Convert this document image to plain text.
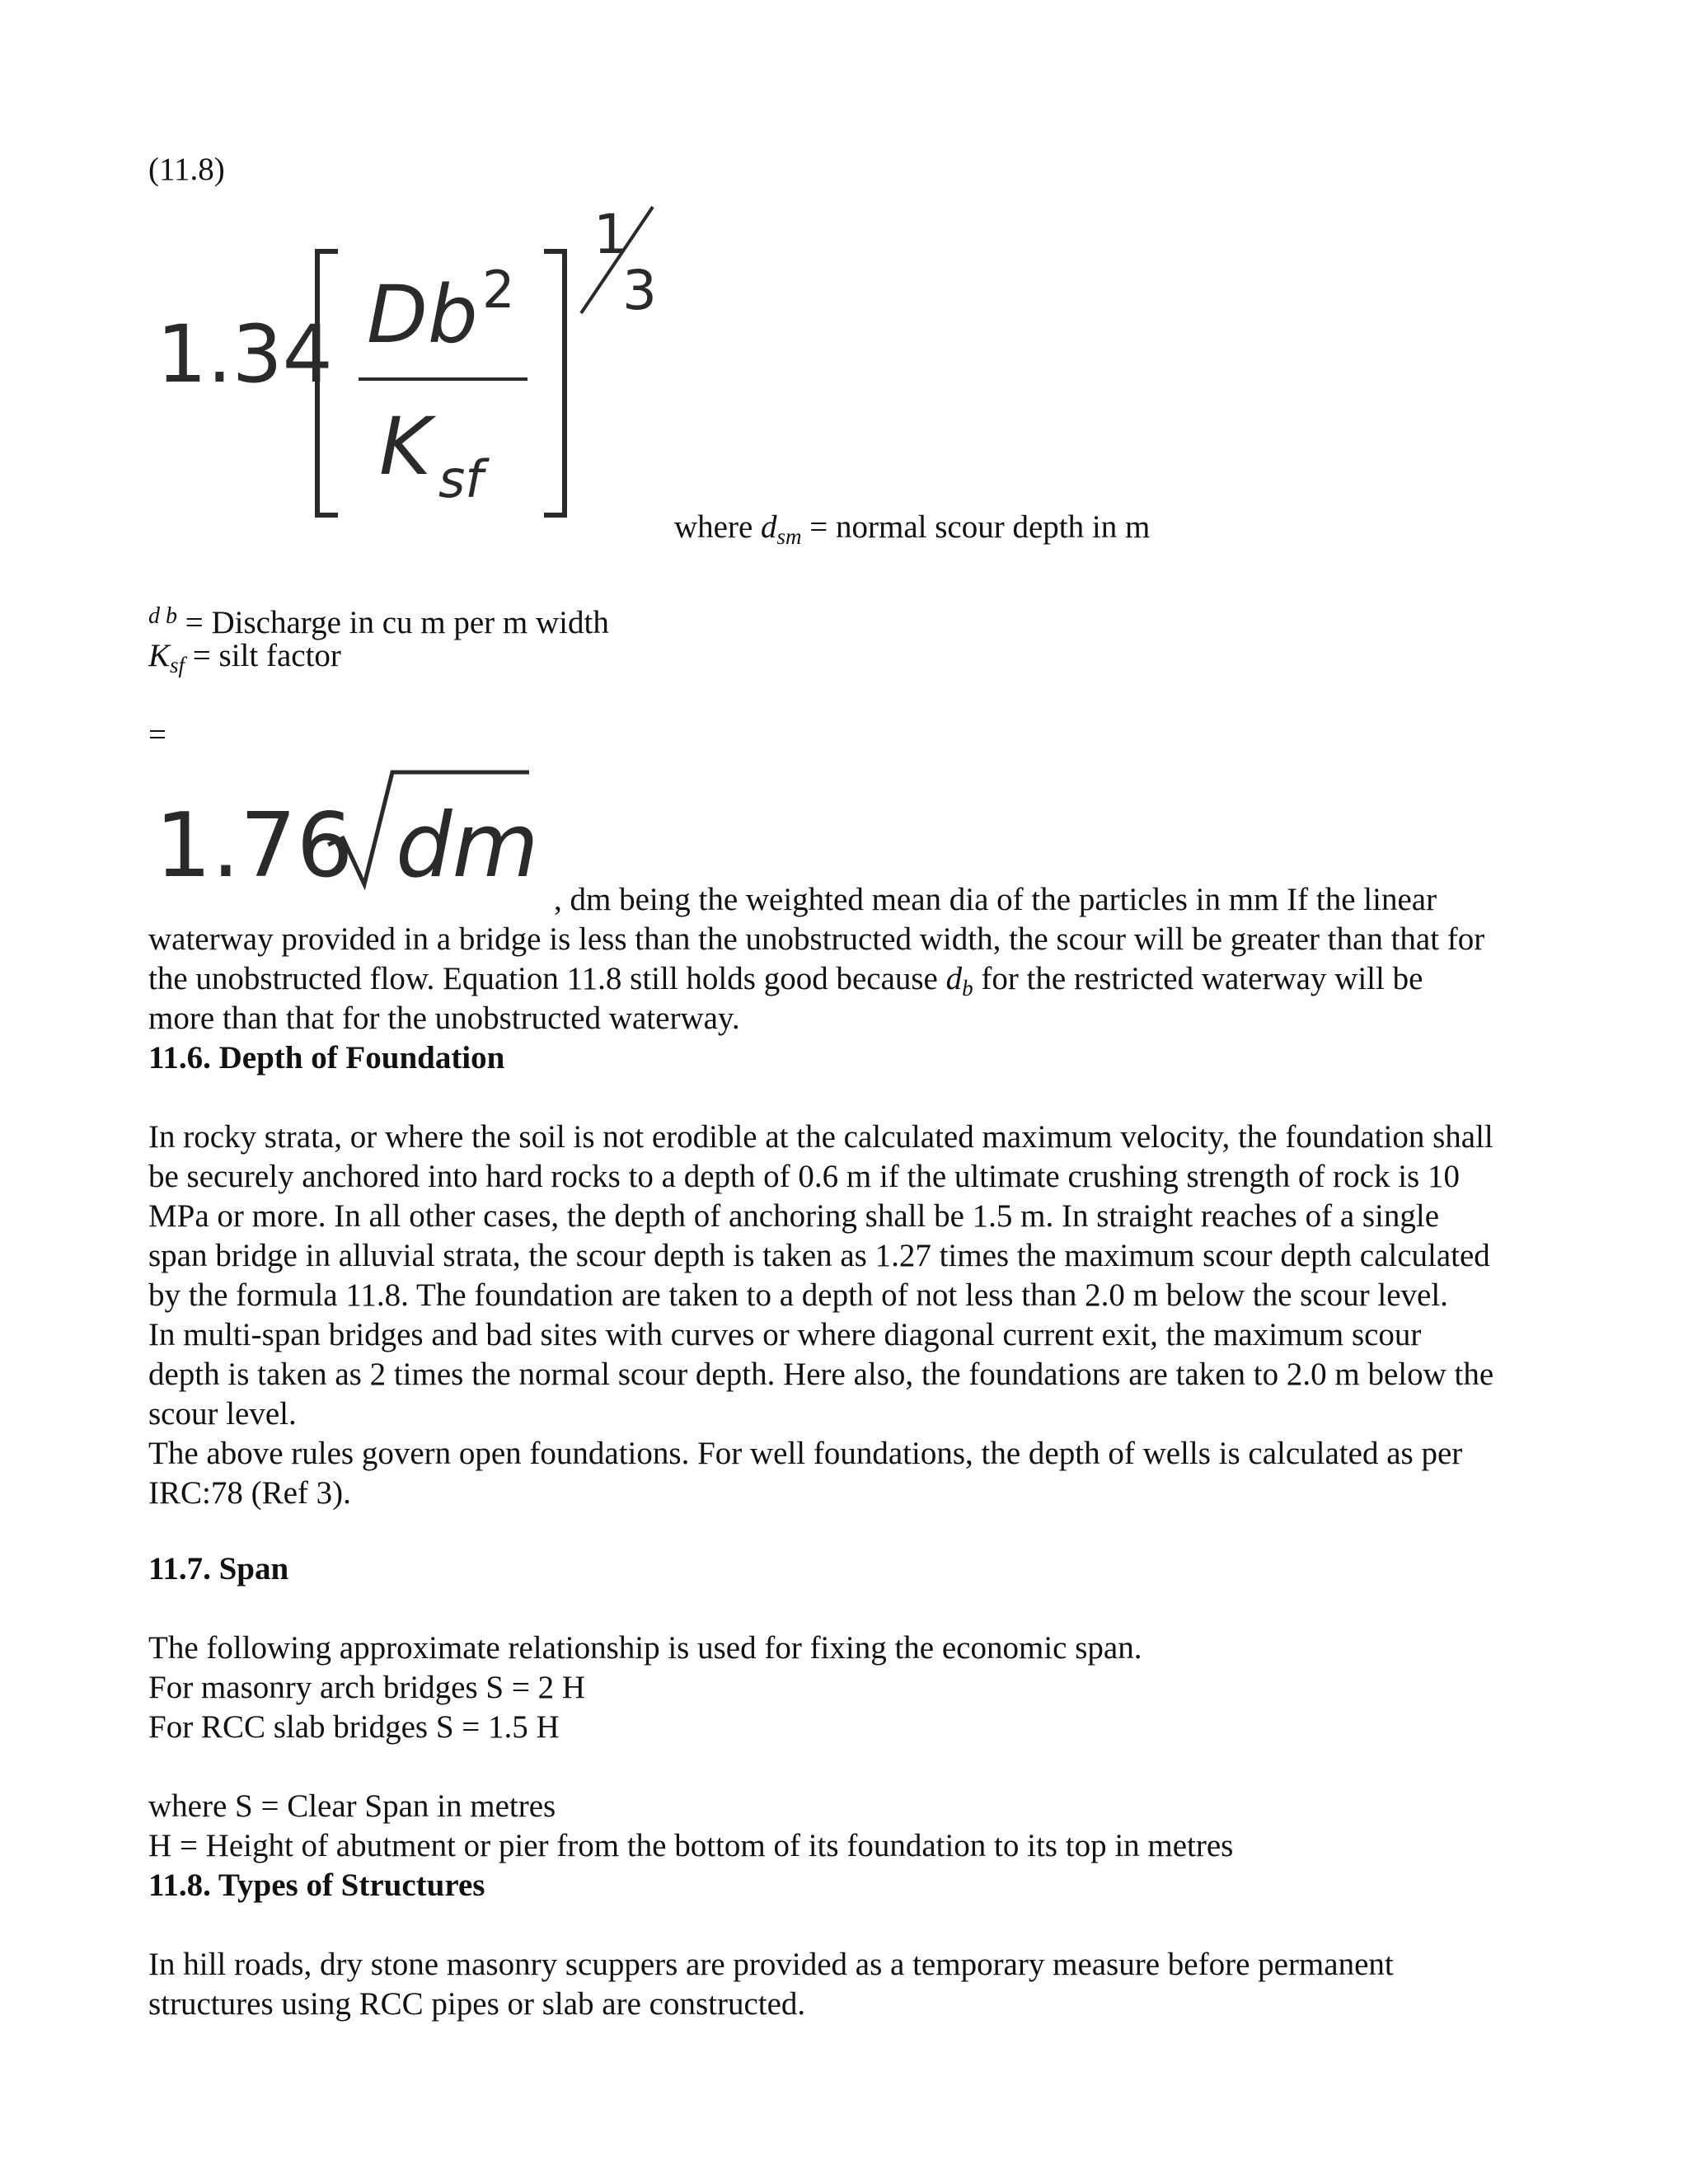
(11.8)
1.34 Db 2
K sf
1
3
where $d_{sm}$ = normal scour depth in m
$^{d b}$ = Discharge in cu m per m width
$K_{sf}$ = silt factor
=
1.76 dm
, dm being the weighted mean dia of the particles in mm If the linear
waterway provided in a bridge is less than the unobstructed width, the scour will be greater than that for
the unobstructed flow. Equation 11.8 still holds good because $d_b$ for the restricted waterway will be
more than that for the unobstructed waterway.
11.6. Depth of Foundation
In rocky strata, or where the soil is not erodible at the calculated maximum velocity, the foundation shall
be securely anchored into hard rocks to a depth of 0.6 m if the ultimate crushing strength of rock is 10
MPa or more. In all other cases, the depth of anchoring shall be 1.5 m. In straight reaches of a single
span bridge in alluvial strata, the scour depth is taken as 1.27 times the maximum scour depth calculated
by the formula 11.8. The foundation are taken to a depth of not less than 2.0 m below the scour level.
In multi-span bridges and bad sites with curves or where diagonal current exit, the maximum scour
depth is taken as 2 times the normal scour depth. Here also, the foundations are taken to 2.0 m below the
scour level.
The above rules govern open foundations. For well foundations, the depth of wells is calculated as per
IRC:78 (Ref 3).
11.7. Span
The following approximate relationship is used for fixing the economic span.
For masonry arch bridges S = 2 H
For RCC slab bridges S = 1.5 H
where S = Clear Span in metres
H = Height of abutment or pier from the bottom of its foundation to its top in metres
11.8. Types of Structures
In hill roads, dry stone masonry scuppers are provided as a temporary measure before permanent
structures using RCC pipes or slab are constructed.
